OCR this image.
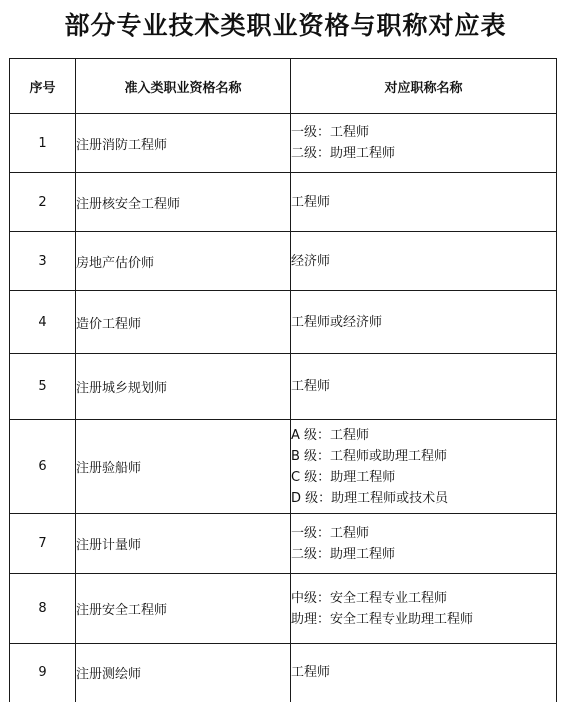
部分专业技术类职业资格与职称对应表
序号	准入类职业资格名称	对应职称名称
1	注册消防工程师	一级：工程师
二级：助理工程师

2	注册核安全工程师	工程师

3	房地产估价师	经济师

4	造价工程师	工程师或经济师

5	注册城乡规划师	工程师

6	注册验船师	A 级：工程师
B 级：工程师或助理工程师
C 级：助理工程师
D 级：助理工程师或技术员

7	注册计量师	一级：工程师
二级：助理工程师

8	注册安全工程师	中级：安全工程专业工程师
助理：安全工程专业助理工程师

9	注册测绘师	工程师
